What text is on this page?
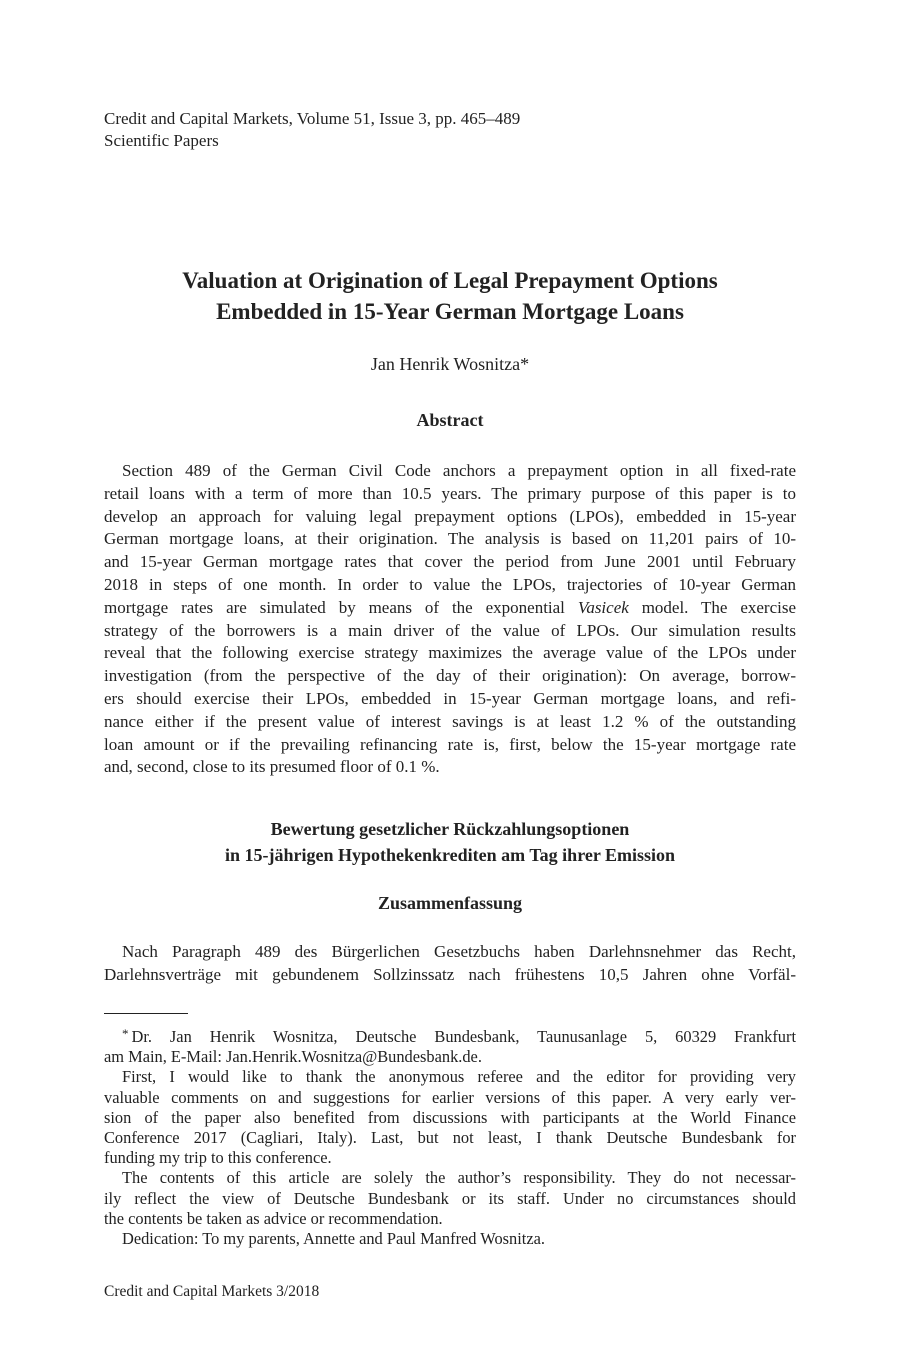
Credit and Capital Markets, Volume 51, Issue 3, pp. 465–489
Scientific Papers
Valuation at Origination of Legal Prepayment Options
Embedded in 15-Year German Mortgage Loans
Jan Henrik Wosnitza*
Abstract
Section 489 of the German Civil Code anchors a prepayment option in all fixed-rate
retail loans with a term of more than 10.5 years. The primary purpose of this paper is to
develop an approach for valuing legal prepayment options (LPOs), embedded in 15-year
German mortgage loans, at their origination. The analysis is based on 11,201 pairs of 10-
and 15-year German mortgage rates that cover the period from June 2001 until February
2018 in steps of one month. In order to value the LPOs, trajectories of 10-year German
mortgage rates are simulated by means of the exponential Vasicek model. The exercise
strategy of the borrowers is a main driver of the value of LPOs. Our simulation results
reveal that the following exercise strategy maximizes the average value of the LPOs under
investigation (from the perspective of the day of their origination): On average, borrow-
ers should exercise their LPOs, embedded in 15-year German mortgage loans, and refi-
nance either if the present value of interest savings is at least 1.2 % of the outstanding
loan amount or if the prevailing refinancing rate is, first, below the 15-year mortgage rate
and, second, close to its presumed floor of 0.1 %.
Bewertung gesetzlicher Rückzahlungsoptionen
in 15-jährigen Hypothekenkrediten am Tag ihrer Emission
Zusammenfassung
Nach Paragraph 489 des Bürgerlichen Gesetzbuchs haben Darlehnsnehmer das Recht,
Darlehnsverträge mit gebundenem Sollzinssatz nach frühestens 10,5 Jahren ohne Vorfäl-
* Dr. Jan Henrik Wosnitza, Deutsche Bundesbank, Taunusanlage 5, 60329 Frankfurt
am Main, E-Mail: Jan.Henrik.Wosnitza@Bundesbank.de.
First, I would like to thank the anonymous referee and the editor for providing very
valuable comments on and suggestions for earlier versions of this paper. A very early ver-
sion of the paper also benefited from discussions with participants at the World Finance
Conference 2017 (Cagliari, Italy). Last, but not least, I thank Deutsche Bundesbank for
funding my trip to this conference.
The contents of this article are solely the author’s responsibility. They do not necessar-
ily reflect the view of Deutsche Bundesbank or its staff. Under no circumstances should
the contents be taken as advice or recommendation.
Dedication: To my parents, Annette and Paul Manfred Wosnitza.
Credit and Capital Markets 3/2018
